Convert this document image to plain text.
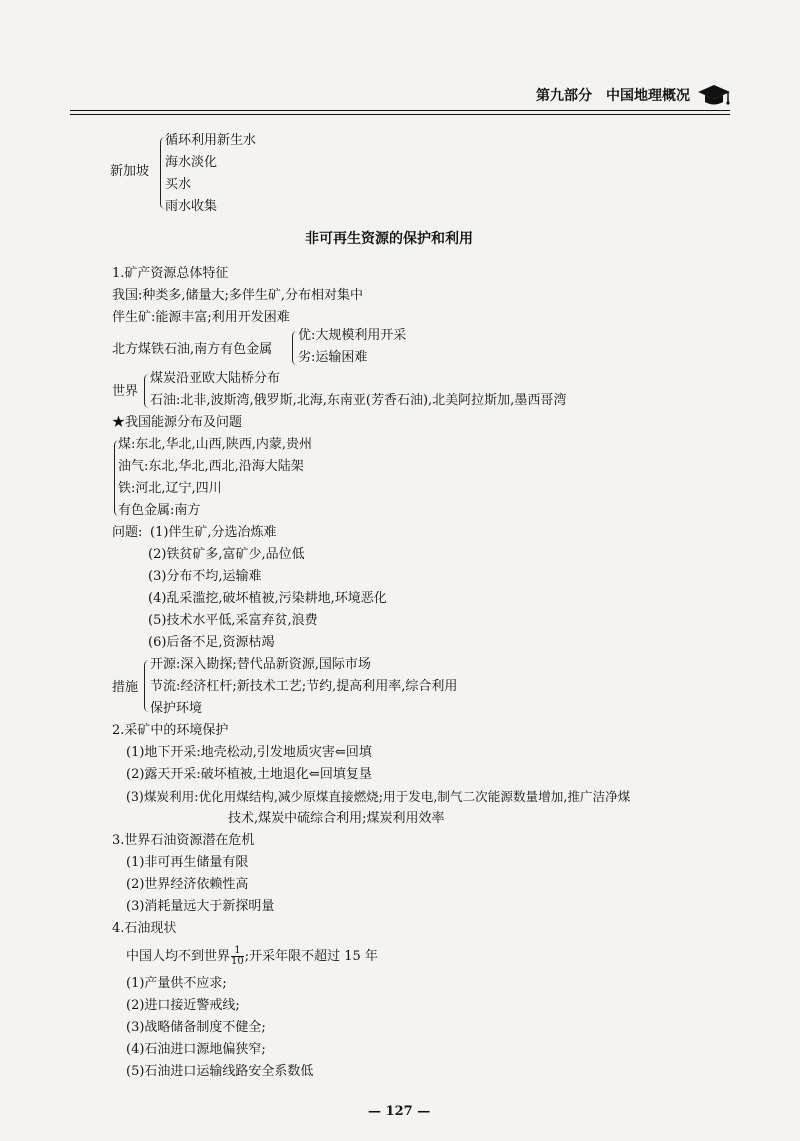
第九部分 中国地理概况
新加坡
循环利用新生水
海水淡化
买水
雨水收集
非可再生资源的保护和利用
1.矿产资源总体特征
我国:种类多,储量大;多伴生矿,分布相对集中
伴生矿:能源丰富;利用开发困难
北方煤铁石油,南方有色金属
优:大规模利用开采
劣:运输困难
世界
煤炭沿亚欧大陆桥分布
石油:北非,波斯湾,俄罗斯,北海,东南亚(芳香石油),北美阿拉斯加,墨西哥湾
★我国能源分布及问题
煤:东北,华北,山西,陕西,内蒙,贵州
油气:东北,华北,西北,沿海大陆架
铁:河北,辽宁,四川
有色金属:南方
问题: (1)伴生矿,分选冶炼难
(2)铁贫矿多,富矿少,品位低
(3)分布不均,运输难
(4)乱采滥挖,破坏植被,污染耕地,环境恶化
(5)技术水平低,采富弃贫,浪费
(6)后备不足,资源枯竭
措施
开源:深入勘探;替代品新资源,国际市场
节流:经济杠杆;新技术工艺;节约,提高利用率,综合利用
保护环境
2.采矿中的环境保护
(1)地下开采:地壳松动,引发地质灾害⇐回填
(2)露天开采:破坏植被,土地退化⇐回填复垦
(3)煤炭利用:优化用煤结构,减少原煤直接燃烧;用于发电,制气二次能源数量增加,推广洁净煤
技术,煤炭中硫综合利用;煤炭利用效率
3.世界石油资源潜在危机
(1)非可再生储量有限
(2)世界经济依赖性高
(3)消耗量远大于新探明量
4.石油现状
中国人均不到世界 $\frac{1}{10}$ ;开采年限不超过 15 年
(1)产量供不应求;
(2)进口接近警戒线;
(3)战略储备制度不健全;
(4)石油进口源地偏狭窄;
(5)石油进口运输线路安全系数低
— 127 —
